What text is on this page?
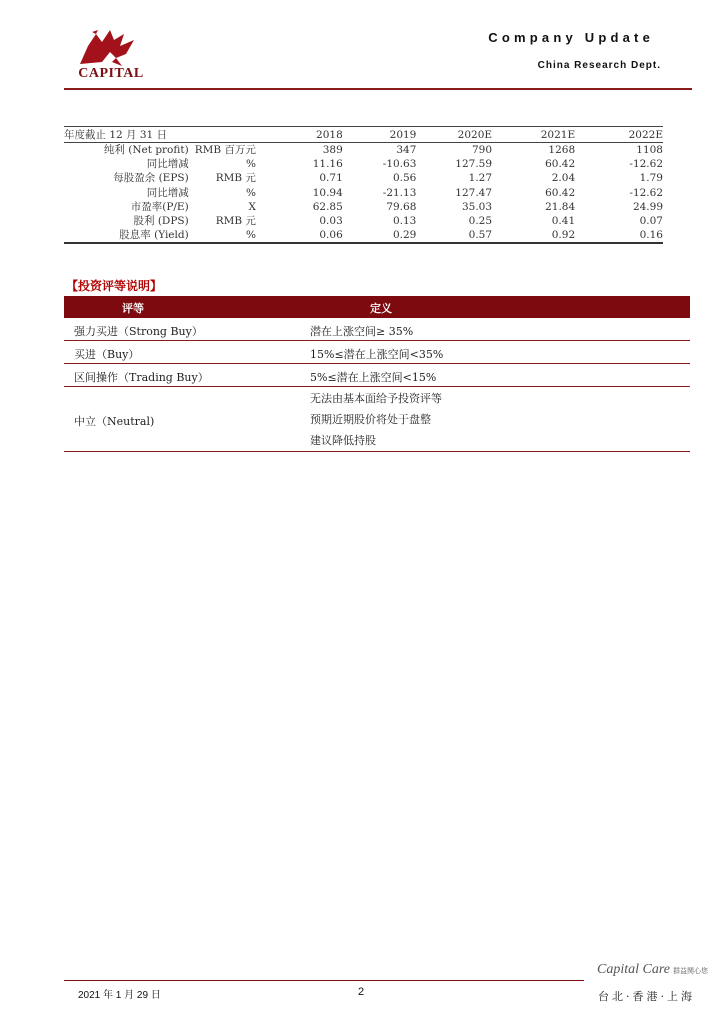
CAPITAL
Company Update
China Research Dept.
年度截止 12 月 31 日		2018	2019	2020E	2021E	2022E
纯利 (Net profit)	RMB 百万元	389	347	790	1268	1108
同比增减	%	11.16	-10.63	127.59	60.42	-12.62
每股盈余 (EPS)	RMB 元	0.71	0.56	1.27	2.04	1.79
同比增减	%	10.94	-21.13	127.47	60.42	-12.62
市盈率(P/E)	X	62.85	79.68	35.03	21.84	24.99
股利 (DPS)	RMB 元	0.03	0.13	0.25	0.41	0.07
股息率 (Yield)	%	0.06	0.29	0.57	0.92	0.16
【投资评等说明】
评等	定义
强力买进（Strong Buy）	潜在上涨空间≥ 35%
买进（Buy）	15%≤潜在上涨空间<35%
区间操作（Trading Buy）	5%≤潜在上涨空间<15%
中立（Neutral)
无法由基本面给予投资评等
预期近期股价将处于盘整
建议降低持股
Capital Care 群益関心您
2021 年 1 月 29 日	2	台北·香港·上海
